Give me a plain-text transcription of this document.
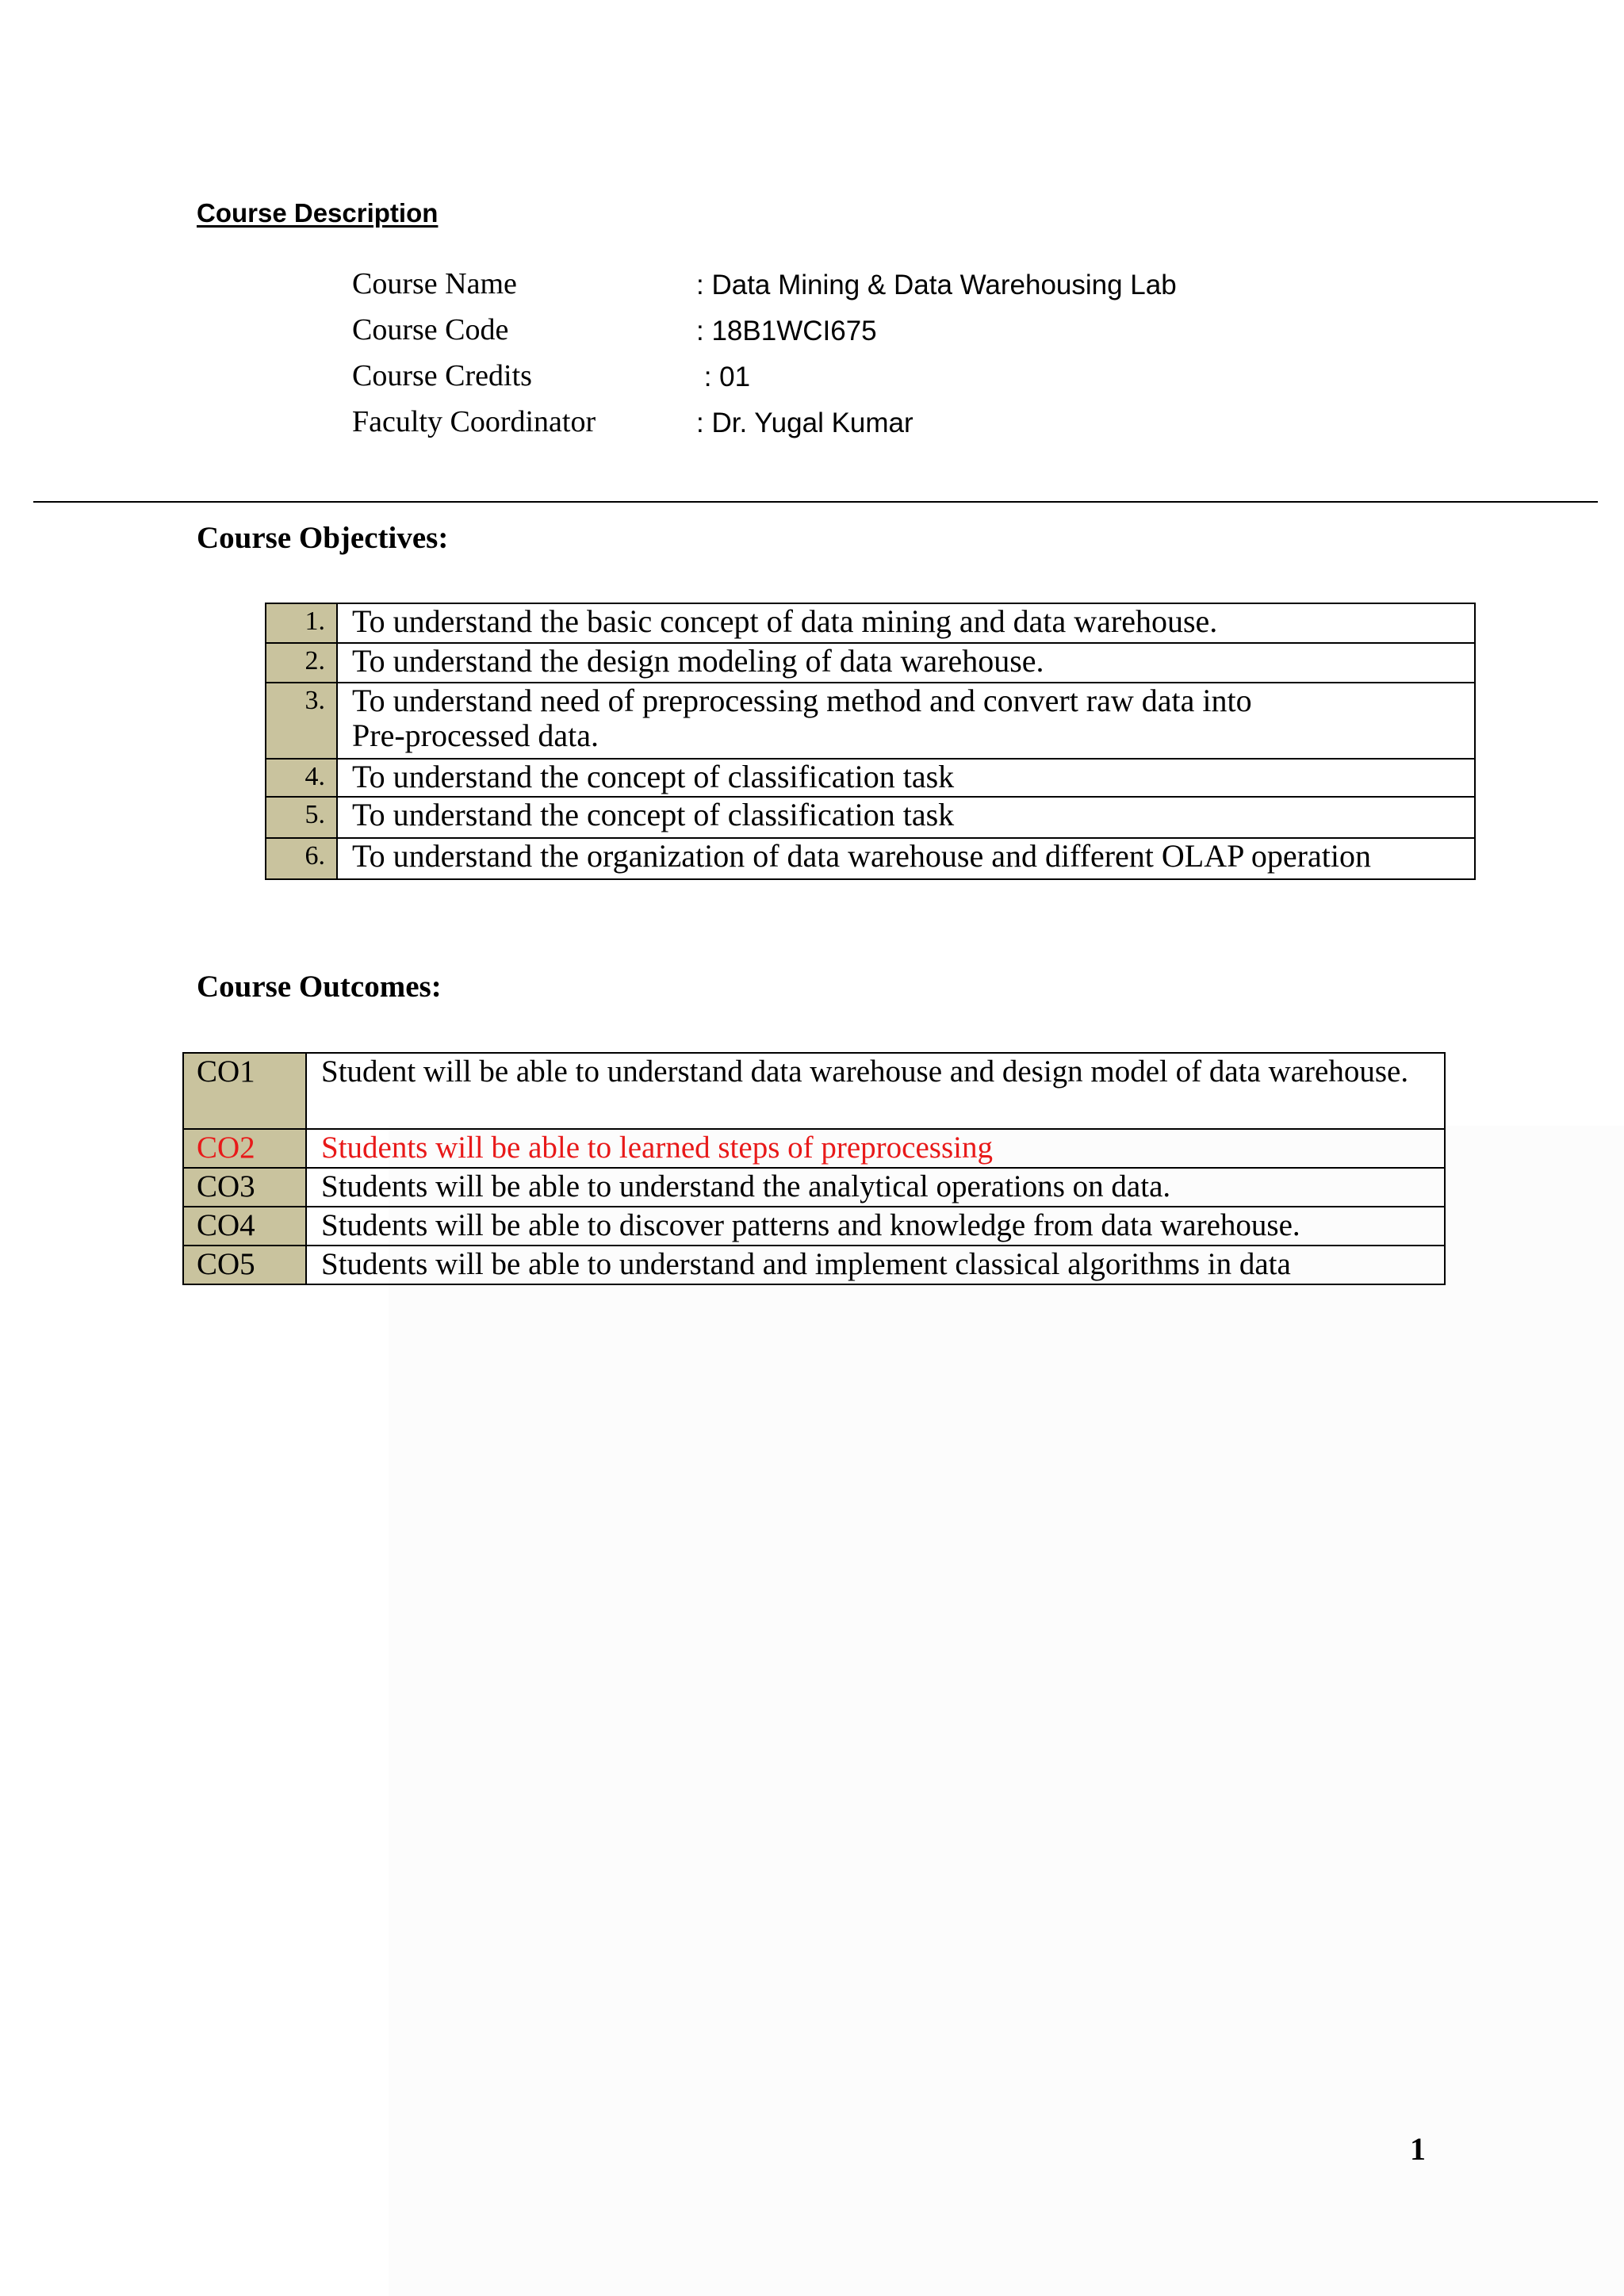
Course Description
Course Name	: Data Mining & Data Warehousing Lab
Course Code	: 18B1WCI675
Course Credits	: 01
Faculty Coordinator	: Dr. Yugal Kumar
Course Objectives:
1.	To understand the basic concept of data mining and data warehouse.
2.	To understand the design modeling of data warehouse.
3.	To understand need of preprocessing method and convert raw data into
Pre-processed data.

4.	To understand the concept of classification task
5.	To understand the concept of classification task
6.	To understand the organization of data warehouse and different OLAP operation
Course Outcomes:
CO1	Student will be able to understand data warehouse and design model of data warehouse.
CO2	Students will be able to learned steps of preprocessing
CO3	Students will be able to understand the analytical operations on data.
CO4	Students will be able to discover patterns and knowledge from data warehouse.
CO5	Students will be able to understand and implement classical algorithms in data
1
